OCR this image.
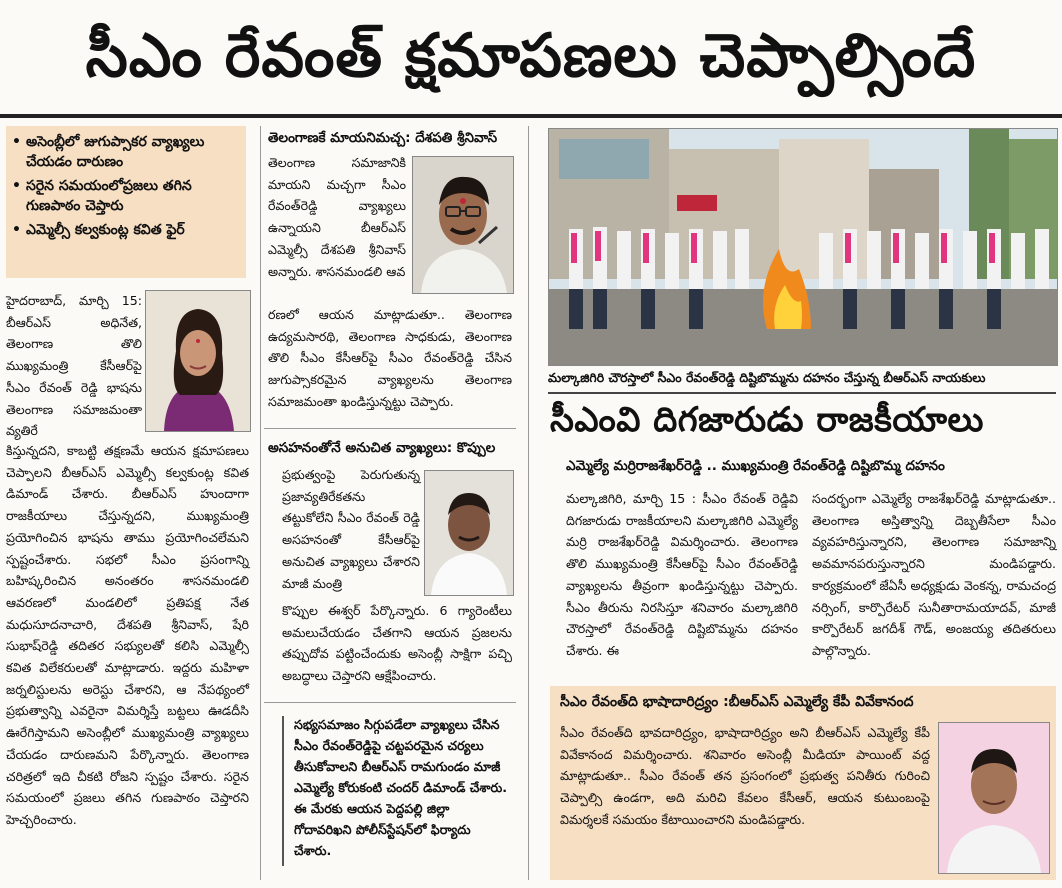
సీఎం రేవంత్ క్షమాపణలు చెప్పాల్సిందే
• అసెంబ్లీలో జుగుప్సాకర వ్యాఖ్యలు చేయడం దారుణం
• సరైన సమయంలోప్రజలు తగిన గుణపాఠం చెప్తారు
• ఎమ్మెల్సీ కల్వకుంట్ల కవిత ఫైర్

హైదరాబాద్, మార్చి 15: బీఆర్ఎస్ అధినేత, తెలంగాణ తొలి ముఖ్యమంత్రి కేసీఆర్‌పై సీఎం రేవంత్ రెడ్డి భాషను తెలంగాణ సమాజమంతా వ్యతిరే

కిస్తున్నదని, కాబట్టి తక్షణమే ఆయన క్షమాపణలు చెప్పాలని బీఆర్ఎస్ ఎమ్మెల్సీ కల్వకుంట్ల కవిత డిమాండ్ చేశారు. బీఆర్ఎస్ హుందాగా రాజకీయాలు చేస్తున్నదని, ముఖ్యమంత్రి ప్రయోగించిన భాషను తాము ప్రయోగించలేమని స్పష్టంచేశారు. సభలో సీఎం ప్రసంగాన్ని బహిష్కరించిన అనంతరం శాసనమండలి ఆవరణలో మండలిలో ప్రతిపక్ష నేత మధుసూదనాచారి, దేశపతి శ్రీనివాస్, షేరి సుభాష్‌రెడ్డి తదితర సభ్యులతో కలిసి ఎమ్మెల్సీ కవిత విలేకరులతో మాట్లాడారు. ఇద్దరు మహిళా జర్నలిస్టులను అరెస్టు చేశారని, ఆ నేపథ్యంలో ప్రభుత్వాన్ని ఎవరైనా విమర్శిస్తే బట్టలు ఊడదీసి ఊరేగిస్తామని అసెంబ్లీలో ముఖ్యమంత్రి వ్యాఖ్యలు చేయడం దారుణమని పేర్కొన్నారు. తెలంగాణ చరిత్రలో ఇది చీకటి రోజని స్పష్టం చేశారు. సరైన సమయంలో ప్రజలు తగిన గుణపాఠం చెప్తారని హెచ్చరించారు.

తెలంగాణకే మాయనిమచ్చ: దేశపతి శ్రీనివాస్

తెలంగాణ సమాజానికి మాయని మచ్చగా సీఎం రేవంత్‌రెడ్డి వ్యాఖ్యలు ఉన్నాయని బీఆర్ఎస్ ఎమ్మెల్సీ దేశపతి శ్రీనివాస్ అన్నారు. శాసనమండలి ఆవ

రణలో ఆయన మాట్లాడుతూ.. తెలంగాణ ఉద్యమసారథి, తెలంగాణ సాధకుడు, తెలంగాణ తొలి సీఎం కేసీఆర్‌పై సీఎం రేవంత్‌రెడ్డి చేసిన జుగుప్సాకరమైన వ్యాఖ్యలను తెలంగాణ సమాజమంతా ఖండిస్తున్నట్టు చెప్పారు.

అసహనంతోనే అనుచిత వ్యాఖ్యలు: కొప్పుల

ప్రభుత్వంపై పెరుగుతున్న ప్రజావ్యతిరేకతను తట్టుకోలేని సీఎం రేవంత్ రెడ్డి అసహనంతో కేసీఆర్‌పై అనుచిత వ్యాఖ్యలు చేశారని మాజీ మంత్రి

కొప్పుల ఈశ్వర్ పేర్కొన్నారు. 6 గ్యారెంటీలు అమలుచేయడం చేతగాని ఆయన ప్రజలను తప్పుదోవ పట్టించేందుకు అసెంబ్లీ సాక్షిగా పచ్చి అబద్ధాలు చెప్తారని ఆక్షేపించారు.

సభ్యసమాజం సిగ్గుపడేలా వ్యాఖ్యలు చేసిన సీఎం రేవంత్‌రెడ్డిపై చట్టపరమైన చర్యలు తీసుకోవాలని బీఆర్ఎస్ రామగుండం మాజీ ఎమ్మెల్యే కోరుకంటి చందర్ డిమాండ్ చేశారు. ఈ మేరకు ఆయన పెద్దపల్లి జిల్లా గోదావరిఖని పోలీస్‌స్టేషన్‌లో ఫిర్యాదు చేశారు.
మల్కాజిగిరి చౌరస్తాలో సీఎం రేవంత్‌రెడ్డి దిష్టిబొమ్మను దహనం చేస్తున్న బీఆర్ఎస్ నాయకులు
సీఎంవి దిగజారుడు రాజకీయాలు
ఎమ్మెల్యే మర్రిరాజశేఖర్‌రెడ్డి .. ముఖ్యమంత్రి రేవంత్‌రెడ్డి దిష్టిబొమ్మ దహనం

మల్కాజిగిరి, మార్చి 15 : సీఎం రేవంత్ రెడ్డివి దిగజారుడు రాజకీయాలని మల్కాజిగిరి ఎమ్మెల్యే మర్రి రాజశేఖర్‌రెడ్డి విమర్శించారు. తెలంగాణ తొలి ముఖ్యమంత్రి కేసీఆర్‌పై సీఎం రేవంత్‌రెడ్డి వ్యాఖ్యలను తీవ్రంగా ఖండిస్తున్నట్టు చెప్పారు. సీఎం తీరును నిరసిస్తూ శనివారం మల్కాజిగిరి చౌరస్తాలో రేవంత్‌రెడ్డి దిష్టిబొమ్మను దహనం చేశారు. ఈ

సందర్భంగా ఎమ్మెల్యే రాజశేఖర్‌రెడ్డి మాట్లాడుతూ.. తెలంగాణ అస్తిత్వాన్ని దెబ్బతీసేలా సీఎం వ్యవహరిస్తున్నారని, తెలంగాణ సమాజాన్ని అవమానపరుస్తున్నారని మండిపడ్డారు. కార్యక్రమంలో జేఏసీ అధ్యక్షుడు వెంకన్న, రామచంద్ర నర్సింగ్, కార్పొరేటర్ సునీతారామయాదవ్, మాజీ కార్పొరేటర్ జగదీశ్ గౌడ్, అంజయ్య తదితరులు పాల్గొన్నారు.

సీఎం రేవంత్‌ది భాషాదారిద్ర్యం :బీఆర్ఎస్ ఎమ్మెల్యే కేపీ వివేకానంద

సీఎం రేవంత్‌ది భావదారిద్ర్యం, భాషాదారిద్ర్యం అని బీఆర్ఎస్ ఎమ్మెల్యే కేపీ వివేకానంద విమర్శించారు. శనివారం అసెంబ్లీ మీడియా పాయింట్ వద్ద మాట్లాడుతూ.. సీఎం రేవంత్ తన ప్రసంగంలో ప్రభుత్వ పనితీరు గురించి చెప్పాల్సి ఉండగా, అది మరిచి కేవలం కేసీఆర్, ఆయన కుటుంబంపై విమర్శలకే సమయం కేటాయించారని మండిపడ్డారు.
